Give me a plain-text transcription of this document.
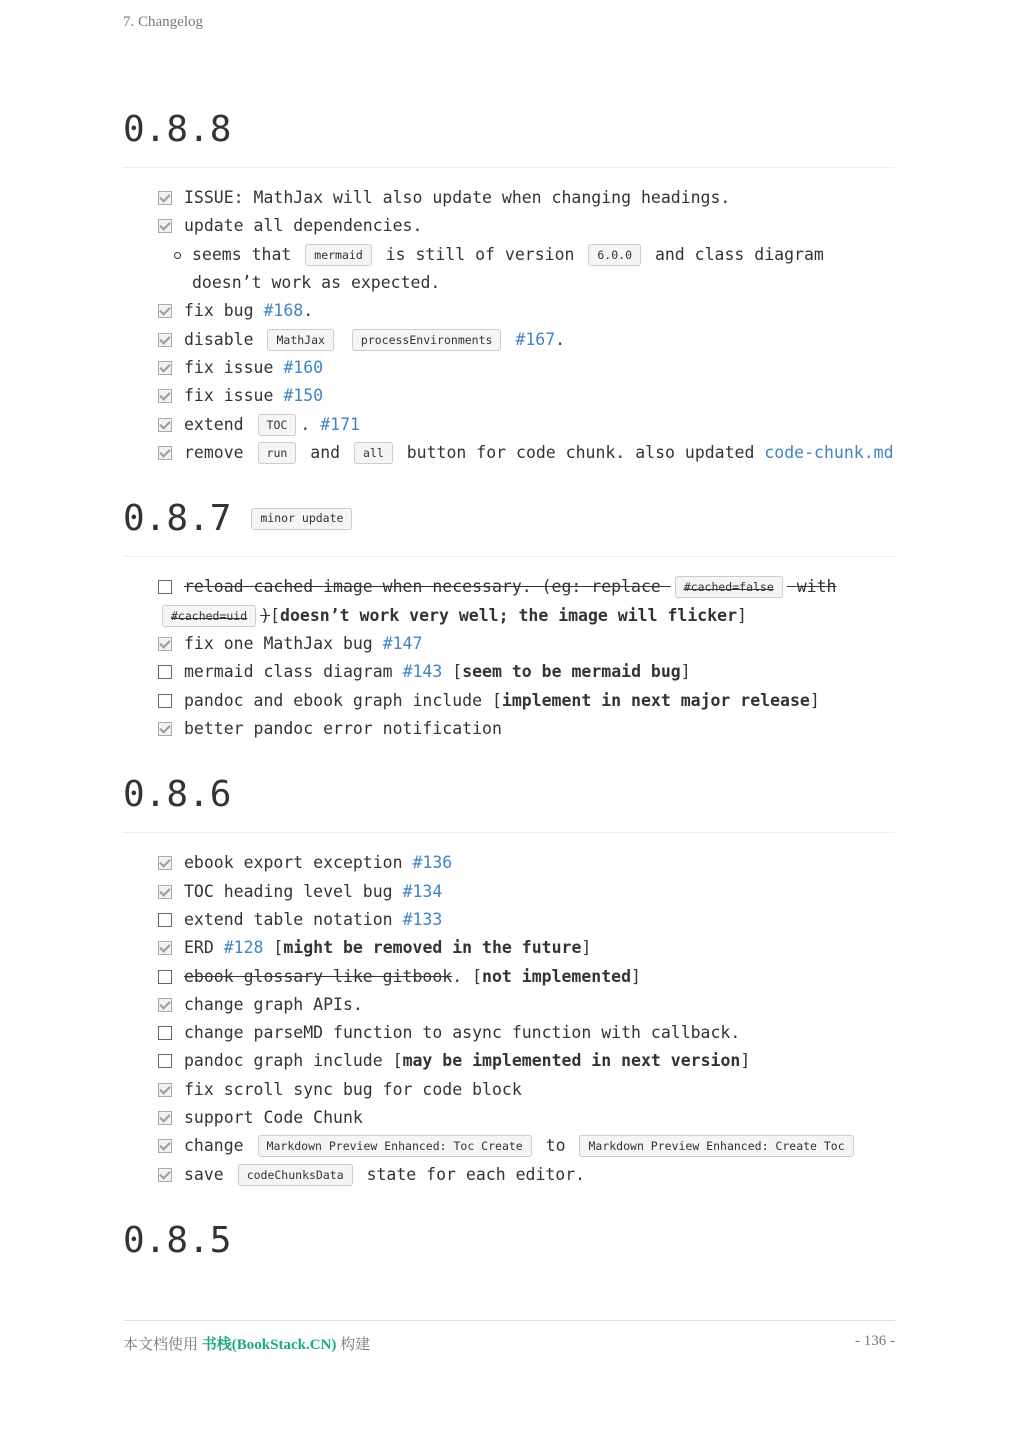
7. Changelog
0.8.8
ISSUE: MathJax will also update when changing headings.
update all dependencies.
seems that mermaid is still of version 6.0.0 and class diagram doesn’t work as expected.
fix bug #168.
disable MathJax	processEnvironments #167.
fix issue #160
fix issue #150
extend TOC . #171
remove run and all button for code chunk. also updated code-chunk.md
0.8.7	minor update
reload cached image when necessary. (eg: replace #cached=false with #cached=uid )[doesn’t work very well; the image will flicker]
fix one MathJax bug #147
mermaid class diagram #143 [seem to be mermaid bug]
pandoc and ebook graph include [implement in next major release]
better pandoc error notification
0.8.6
ebook export exception #136
TOC heading level bug #134
extend table notation #133
ERD #128 [might be removed in the future]
ebook glossary like gitbook. [not implemented]
change graph APIs.
change parseMD function to async function with callback.
pandoc graph include [may be implemented in next version]
fix scroll sync bug for code block
support Code Chunk
change Markdown Preview Enhanced: Toc Create to Markdown Preview Enhanced: Create Toc
save codeChunksData state for each editor.
0.8.5
本文档使用 书栈(BookStack.CN) 构建	- 136 -
